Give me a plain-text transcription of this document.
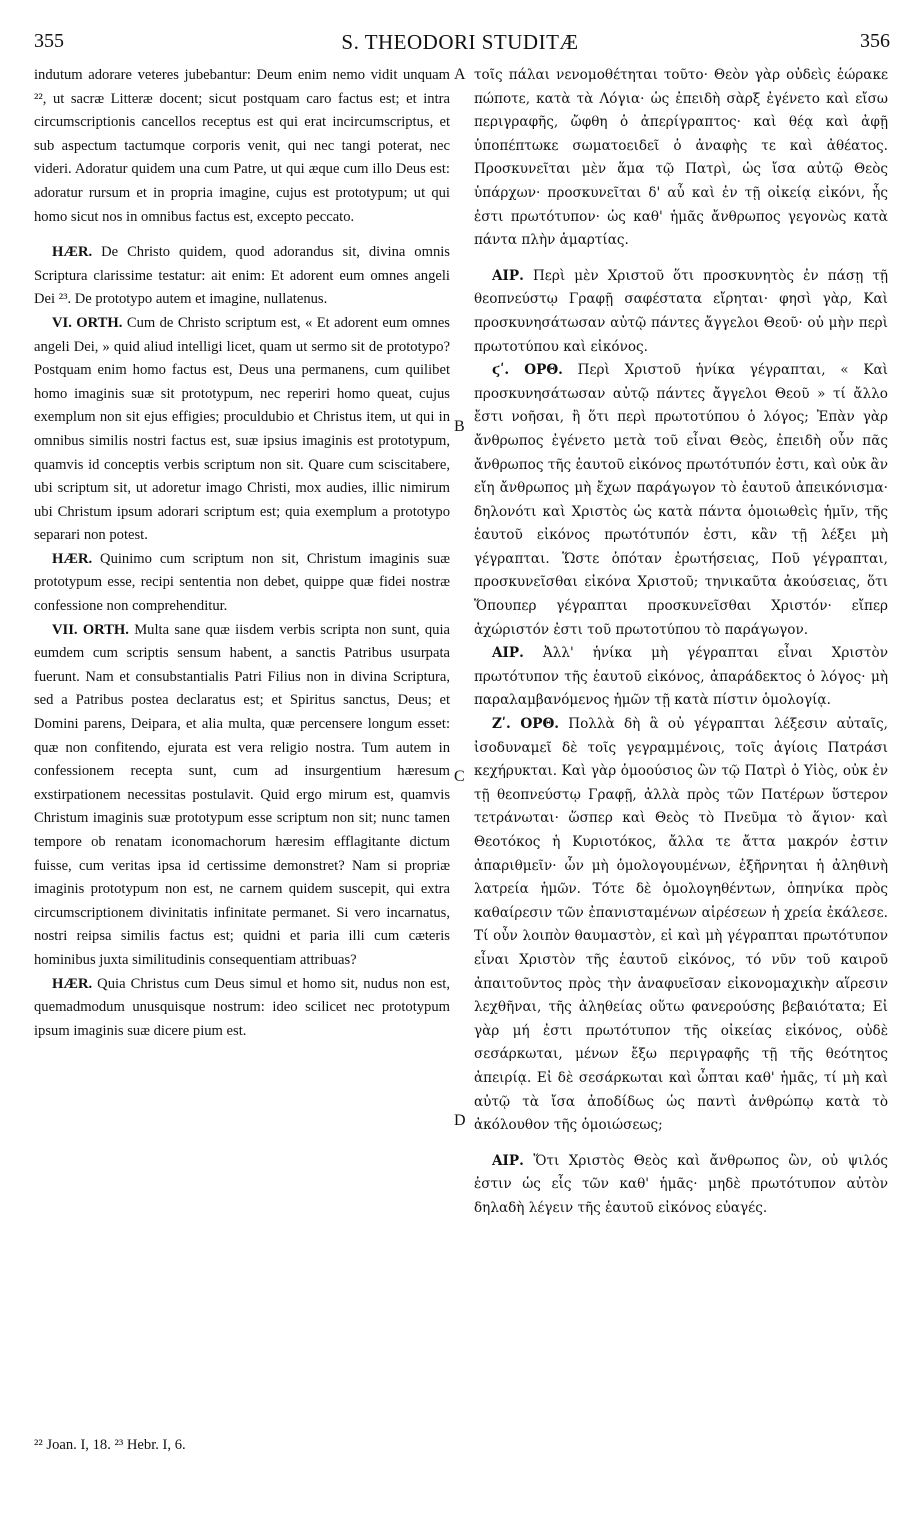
355	S. THEODORI STUDITÆ	356

indutum adorare veteres jubebantur: Deum enim nemo vidit unquam ²², ut sacræ Litteræ docent; sicut postquam caro factus est; et intra circumscriptionis cancellos receptus est qui erat incircumscriptus, et sub aspectum tactumque corporis venit, qui nec tangi poterat, nec videri. Adoratur quidem una cum Patre, ut qui æque cum illo Deus est: adoratur rursum et in propria imagine, cujus est prototypum; ut qui homo sicut nos in omnibus factus est, excepto peccato.

HÆR. De Christo quidem, quod adorandus sit, divina omnis Scriptura clarissime testatur: ait enim: Et adorent eum omnes angeli Dei ²³. De prototypo autem et imagine, nullatenus.

VI. ORTH. Cum de Christo scriptum est, « Et adorent eum omnes angeli Dei, » quid aliud intelligi licet, quam ut sermo sit de prototypo? Postquam enim homo factus est, Deus una permanens, cum quilibet homo imaginis suæ sit prototypum, nec reperiri homo queat, cujus exemplum non sit ejus effigies; proculdubio et Christus item, ut qui in omnibus similis nostri factus est, suæ ipsius imaginis est prototypum, quamvis id conceptis verbis scriptum non sit. Quare cum sciscitabere, ubi scriptum sit, ut adoretur imago Christi, mox audies, illic nimirum ubi Christum ipsum adorari scriptum est; quia exemplum a prototypo separari non potest.

HÆR. Quinimo cum scriptum non sit, Christum imaginis suæ prototypum esse, recipi sententia non debet, quippe quæ fidei nostræ confessione non comprehenditur.

VII. ORTH. Multa sane quæ iisdem verbis scripta non sunt, quia eumdem cum scriptis sensum habent, a sanctis Patribus usurpata fuerunt. Nam et consubstantialis Patri Filius non in divina Scriptura, sed a Patribus postea declaratus est; et Spiritus sanctus, Deus; et Domini parens, Deipara, et alia multa, quæ percensere longum esset: quæ non confitendo, ejurata est vera religio nostra. Tum autem in confessionem recepta sunt, cum ad insurgentium hæresum exstirpationem necessitas postulavit. Quid ergo mirum est, quamvis Christum imaginis suæ prototypum esse scriptum non sit; nunc tamen tempore ob renatam iconomachorum hæresim efflagitante dictum fuisse, cum veritas ipsa id certissime demonstret? Nam si propriæ imaginis prototypum non est, ne carnem quidem suscepit, qui extra circumscriptionem divinitatis infinitate permanet. Si vero incarnatus, nostri reipsa similis factus est; quidni et paria illi cum cæteris hominibus juxta similitudinis consequentiam attribuas?

HÆR. Quia Christus cum Deus simul et homo sit, nudus non est, quemadmodum unusquisque nostrum: ideo scilicet nec prototypum ipsum imaginis suæ dicere pium est.

τοῖς πάλαι νενομοθέτηται τοῦτο· Θεὸν γὰρ οὐδεὶς ἑώρακε πώποτε, κατὰ τὰ Λόγια· ὡς ἐπειδὴ σὰρξ ἐγένετο καὶ εἴσω περιγραφῆς, ὤφθη ὁ ἀπερίγραπτος· καὶ θέᾳ καὶ ἀφῇ ὑποπέπτωκε σωματοειδεῖ ὁ ἀναφὴς τε καὶ ἀθέατος. Προσκυνεῖται μὲν ἅμα τῷ Πατρὶ, ὡς ἴσα αὐτῷ Θεὸς ὑπάρχων· προσκυνεῖται δ' αὖ καὶ ἐν τῇ οἰκείᾳ εἰκόνι, ἧς ἐστι πρωτότυπον· ὡς καθ' ἡμᾶς ἄνθρωπος γεγονὼς κατὰ πάντα πλὴν ἁμαρτίας.

ΑΙΡ. Περὶ μὲν Χριστοῦ ὅτι προσκυνητὸς ἐν πάσῃ τῇ θεοπνεύστῳ Γραφῇ σαφέστατα εἴρηται· φησὶ γὰρ, Καὶ προσκυνησάτωσαν αὐτῷ πάντες ἄγγελοι Θεοῦ· οὐ μὴν περὶ πρωτοτύπου καὶ εἰκόνος.

ϛʹ. ΟΡΘ. Περὶ Χριστοῦ ἡνίκα γέγραπται, « Καὶ προσκυνησάτωσαν αὐτῷ πάντες ἄγγελοι Θεοῦ » τί ἄλλο ἔστι νοῆσαι, ἢ ὅτι περὶ πρωτοτύπου ὁ λόγος; Ἐπὰν γὰρ ἄνθρωπος ἐγένετο μετὰ τοῦ εἶναι Θεὸς, ἐπειδὴ οὖν πᾶς ἄνθρωπος τῆς ἑαυτοῦ εἰκόνος πρωτότυπόν ἐστι, καὶ οὐκ ἂν εἴη ἄνθρωπος μὴ ἔχων παράγωγον τὸ ἑαυτοῦ ἀπεικόνισμα· δηλονότι καὶ Χριστὸς ὡς κατὰ πάντα ὁμοιωθεὶς ἡμῖν, τῆς ἑαυτοῦ εἰκόνος πρωτότυπόν ἐστι, κἂν τῇ λέξει μὴ γέγραπται. Ὥστε ὁπόταν ἐρωτήσειας, Ποῦ γέγραπται, προσκυνεῖσθαι εἰκόνα Χριστοῦ; τηνικαῦτα ἀκούσειας, ὅτι Ὅπουπερ γέγραπται προσκυνεῖσθαι Χριστόν· εἴπερ ἀχώριστόν ἐστι τοῦ πρωτοτύπου τὸ παράγωγον.

ΑΙΡ. Ἀλλ' ἡνίκα μὴ γέγραπται εἶναι Χριστὸν πρωτότυπον τῆς ἑαυτοῦ εἰκόνος, ἀπαράδεκτος ὁ λόγος· μὴ παραλαμβανόμενος ἡμῶν τῇ κατὰ πίστιν ὁμολογίᾳ.

Ζʹ. ΟΡΘ. Πολλὰ δὴ ἃ οὐ γέγραπται λέξεσιν αὐταῖς, ἰσοδυναμεῖ δὲ τοῖς γεγραμμένοις, τοῖς ἁγίοις Πατράσι κεχήρυκται. Καὶ γὰρ ὁμοούσιος ὢν τῷ Πατρὶ ὁ Υἱὸς, οὐκ ἐν τῇ θεοπνεύστῳ Γραφῇ, ἀλλὰ πρὸς τῶν Πατέρων ὕστερον τετράνωται· ὥσπερ καὶ Θεὸς τὸ Πνεῦμα τὸ ἅγιον· καὶ Θεοτόκος ἡ Κυριοτόκος, ἄλλα τε ἄττα μακρόν ἐστιν ἀπαριθμεῖν· ὧν μὴ ὁμολογουμένων, ἐξῆρνηται ἡ ἀληθινὴ λατρεία ἡμῶν. Τότε δὲ ὁμολογηθέντων, ὁπηνίκα πρὸς καθαίρεσιν τῶν ἐπανισταμένων αἱρέσεων ἡ χρεία ἐκάλεσε. Τί οὖν λοιπὸν θαυμαστὸν, εἰ καὶ μὴ γέγραπται πρωτότυπον εἶναι Χριστὸν τῆς ἑαυτοῦ εἰκόνος, τό νῦν τοῦ καιροῦ ἀπαιτοῦντος πρὸς τὴν ἀναφυεῖσαν εἰκονομαχικὴν αἵρεσιν λεχθῆναι, τῆς ἀληθείας οὕτω φανερούσης βεβαιότατα; Εἰ γὰρ μή ἐστι πρωτότυπον τῆς οἰκείας εἰκόνος, οὐδὲ σεσάρκωται, μένων ἔξω περιγραφῆς τῇ τῆς θεότητος ἀπειρίᾳ. Εἰ δὲ σεσάρκωται καὶ ὦπται καθ' ἡμᾶς, τί μὴ καὶ αὐτῷ τὰ ἴσα ἀποδίδως ὡς παντὶ ἀνθρώπῳ κατὰ τὸ ἀκόλουθον τῆς ὁμοιώσεως;

ΑΙΡ. Ὅτι Χριστὸς Θεὸς καὶ ἄνθρωπος ὢν, οὐ ψιλός ἐστιν ὡς εἷς τῶν καθ' ἡμᾶς· μηδὲ πρωτότυπον αὐτὸν δηλαδὴ λέγειν τῆς ἑαυτοῦ εἰκόνος εὐαγές.

A
B
C
D
²² Joan. I, 18. ²³ Hebr. I, 6.
